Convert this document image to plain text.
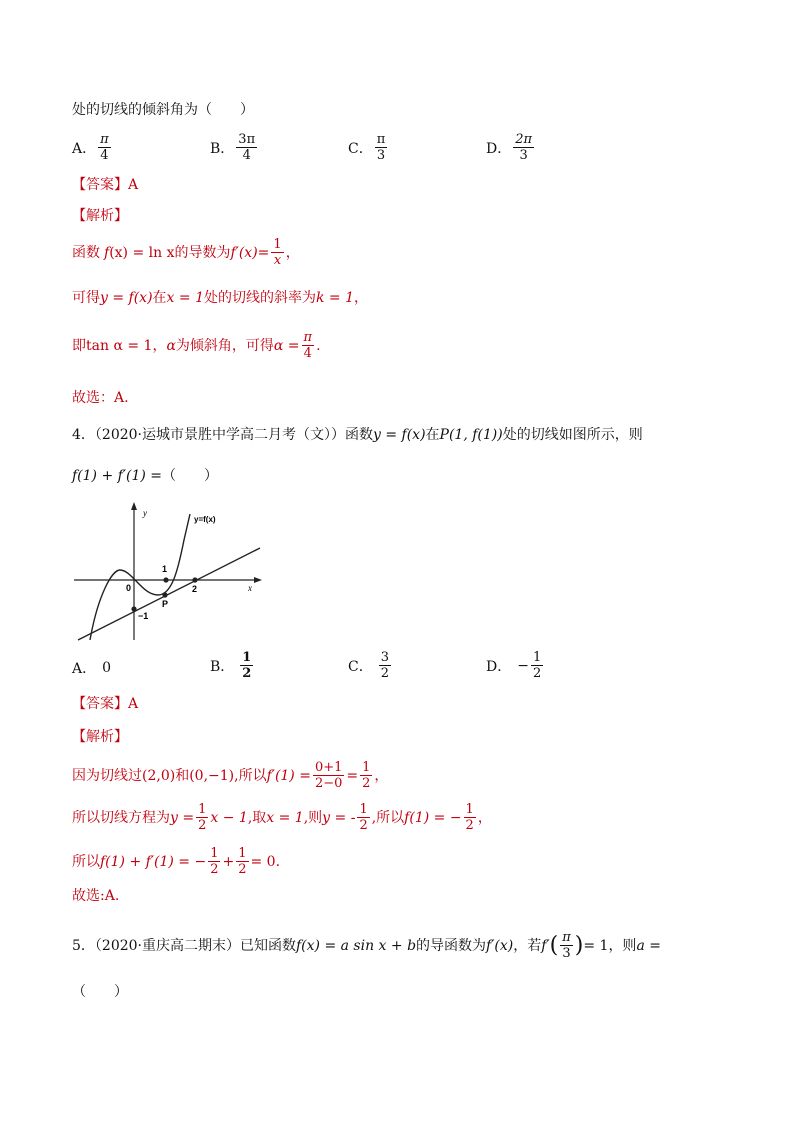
处的切线的倾斜角为（　　）
A． $\frac{\pi}{4}$	B． $\frac{3\pi}{4}$	C． $\frac{\pi}{3}$	D． $\frac{2\pi}{3}$
【答案】A
【解析】
函数 f (x) = ln x 的导数为 $f'(x)= \frac{1}{x}$ ，
可得y = f(x)在x = 1处的切线的斜率为k = 1，
即 tan α = 1 ， α 为倾斜角，可得 $\alpha = \frac{\pi}{4}$ .
故选：A.
4．（2020·运城市景胜中学高二月考（文））函数y = f(x)在P(1, f(1))处的切线如图所示，则
f(1) + f′(1) =（　　）
y
x
y=f(x)
0
1
2
−1
P
A． 0	B． $\frac{1}{2}$	C． $\frac{3}{2}$	D． − $\frac{1}{2}$
【答案】A
【解析】
因为切线过 (2,0) 和 (0,−1) ,所以 $f'(1) = \frac{0+1}{2-0} = \frac{1}{2}$ ，
所以切线方程为 $y = \frac{1}{2}$ x − 1 ,取 x = 1 ,则 y = - $\frac{1}{2}$ ,所以 f(1) = − $\frac{1}{2}$ ，
所以 f(1) + f′(1) = − $\frac{1}{2} + \frac{1}{2} = 0$.
故选:A.
5．（2020·重庆高二期末）已知函数 f(x) = a sin x + b 的导函数为 f′(x) ，若 f′ ( $\frac{\pi}{3}$ ) = 1 ，则 a =
（　　）
